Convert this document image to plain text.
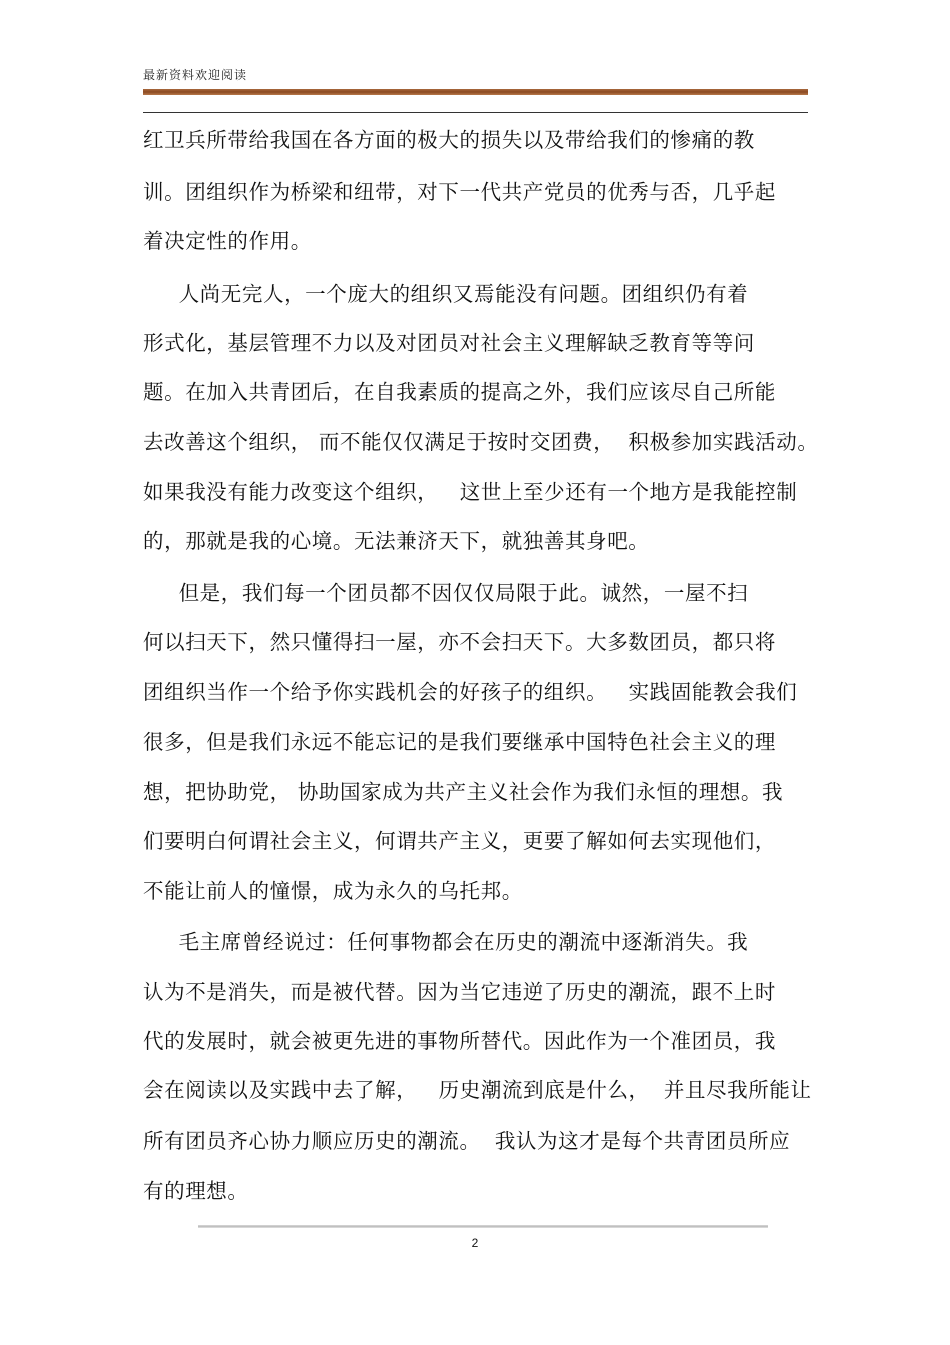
最新资料欢迎阅读
红卫兵所带给我国在各方面的极大的损失以及带给我们的惨痛的教
训。团组织作为桥梁和纽带，对下一代共产党员的优秀与否，几乎起
着决定性的作用。
人尚无完人，一个庞大的组织又焉能没有问题。团组织仍有着
形式化，基层管理不力以及对团员对社会主义理解缺乏教育等等问
题。在加入共青团后，在自我素质的提高之外，我们应该尽自己所能
去改善这个组织， 而不能仅仅满足于按时交团费，  积极参加实践活动。
如果我没有能力改变这个组织，   这世上至少还有一个地方是我能控制
的，那就是我的心境。无法兼济天下，就独善其身吧。
但是，我们每一个团员都不因仅仅局限于此。诚然，一屋不扫
何以扫天下，然只懂得扫一屋，亦不会扫天下。大多数团员，都只将
团组织当作一个给予你实践机会的好孩子的组织。   实践固能教会我们
很多，但是我们永远不能忘记的是我们要继承中国特色社会主义的理
想，把协助党， 协助国家成为共产主义社会作为我们永恒的理想。我
们要明白何谓社会主义，何谓共产主义，更要了解如何去实现他们，
不能让前人的憧憬，成为永久的乌托邦。
毛主席曾经说过：任何事物都会在历史的潮流中逐渐消失。我
认为不是消失，而是被代替。因为当它违逆了历史的潮流，跟不上时
代的发展时，就会被更先进的事物所替代。因此作为一个准团员，我
会在阅读以及实践中去了解，   历史潮流到底是什么，  并且尽我所能让
所有团员齐心协力顺应历史的潮流。  我认为这才是每个共青团员所应
有的理想。
2
